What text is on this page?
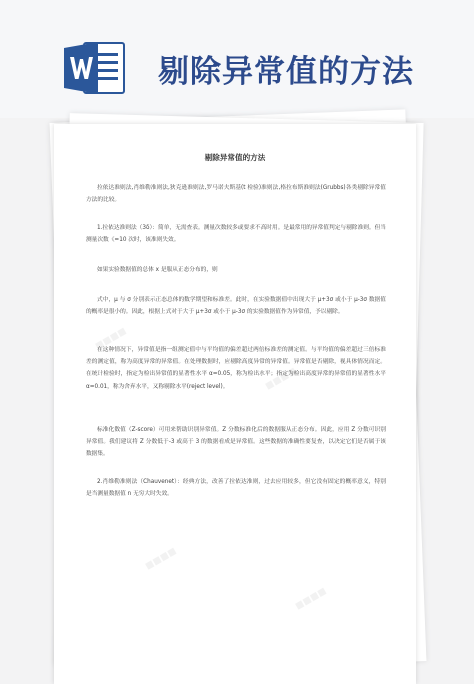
剔除异常值的方法
剔除异常值的方法

拉依达准则法,肖维勒准则法,狄克逊准则法,罗马诺夫斯基(t 检验)准则法,格拉布斯准则法(Grubbs)各类剔除异常值方法的比较。

1.拉依达准则法（3δ）：简单，无需查表。测量次数较多或要求不高时用。是最常用的异常值判定与剔除准则。但当测量次数《=10 次时，该准则失效。

如果实验数据值的总体 x 是服从正态分布的，则

式中，μ 与 σ 分别表示正态总体的数学期望和标准差。此时，在实验数据值中出现大于 μ+3σ 或小于 μ-3σ 数据值的概率是很小的。因此，根据上式对于大于 μ+3σ 或小于 μ-3σ 的实验数据值作为异常值，予以剔除。

在这种情况下，异常值是指一组测定值中与平均值的偏差超过两倍标准差的测定值。与平均值的偏差超过三倍标准差的测定值，称为高度异常的异常值。在处理数据时，应剔除高度异常的异常值。异常值是否剔除，视具体情况而定。在统计检验时，指定为检出异常值的显著性水平 α=0.05，称为检出水平；指定为检出高度异常的异常值的显著性水平 α=0.01，称为舍弃水平，又称剔除水平(reject level)。

标准化数值（Z-score）可用来帮助识别异常值。Z 分数标准化后的数据服从正态分布。因此，应用 Z 分数可识别异常值。我们建议将 Z 分数低于-3 或高于 3 的数据看成是异常值。这些数据的准确性要复查，以决定它们是否属于该数据集。

2.肖维勒准则法（Chauvenet）：经典方法，改善了拉依达准则，过去应用较多，但它没有固定的概率意义，特别是当测量数据值 n 无穷大时失效。

■■■■
■■■■
■■■■
■■■■
